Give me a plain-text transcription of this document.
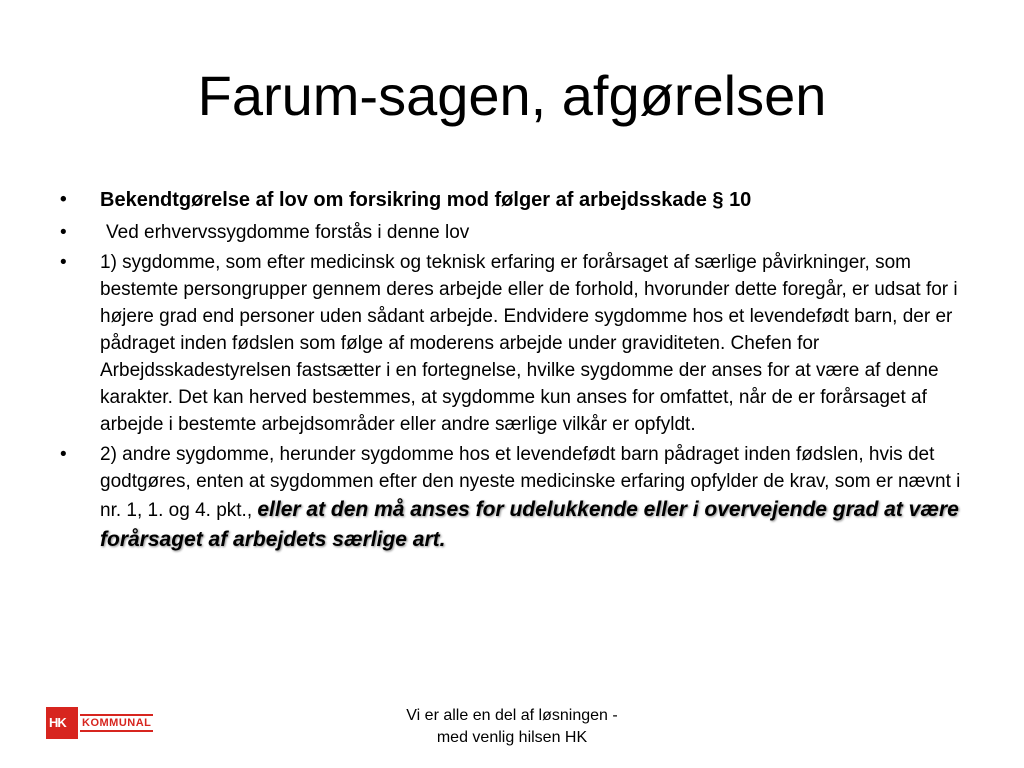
Farum-sagen, afgørelsen
• Bekendtgørelse af lov om forsikring mod følger af arbejdsskade § 10
• Ved erhvervssygdomme forstås i denne lov
• 1) sygdomme, som efter medicinsk og teknisk erfaring er forårsaget af særlige påvirkninger, som bestemte persongrupper gennem deres arbejde eller de forhold, hvorunder dette foregår, er udsat for i højere grad end personer uden sådant arbejde. Endvidere sygdomme hos et levendefødt barn, der er pådraget inden fødslen som følge af moderens arbejde under graviditeten. Chefen for Arbejdsskadestyrelsen fastsætter i en fortegnelse, hvilke sygdomme der anses for at være af denne karakter. Det kan herved bestemmes, at sygdomme kun anses for omfattet, når de er forårsaget af arbejde i bestemte arbejdsområder eller andre særlige vilkår er opfyldt.
• 2) andre sygdomme, herunder sygdomme hos et levendefødt barn pådraget inden fødslen, hvis det godtgøres, enten at sygdommen efter den nyeste medicinske erfaring opfylder de krav, som er nævnt i nr. 1, 1. og 4. pkt., eller at den må anses for udelukkende eller i overvejende grad at være forårsaget af arbejdets særlige art.
HK KOMMUNAL	Vi er alle en del af løsningen -
med venlig hilsen HK
